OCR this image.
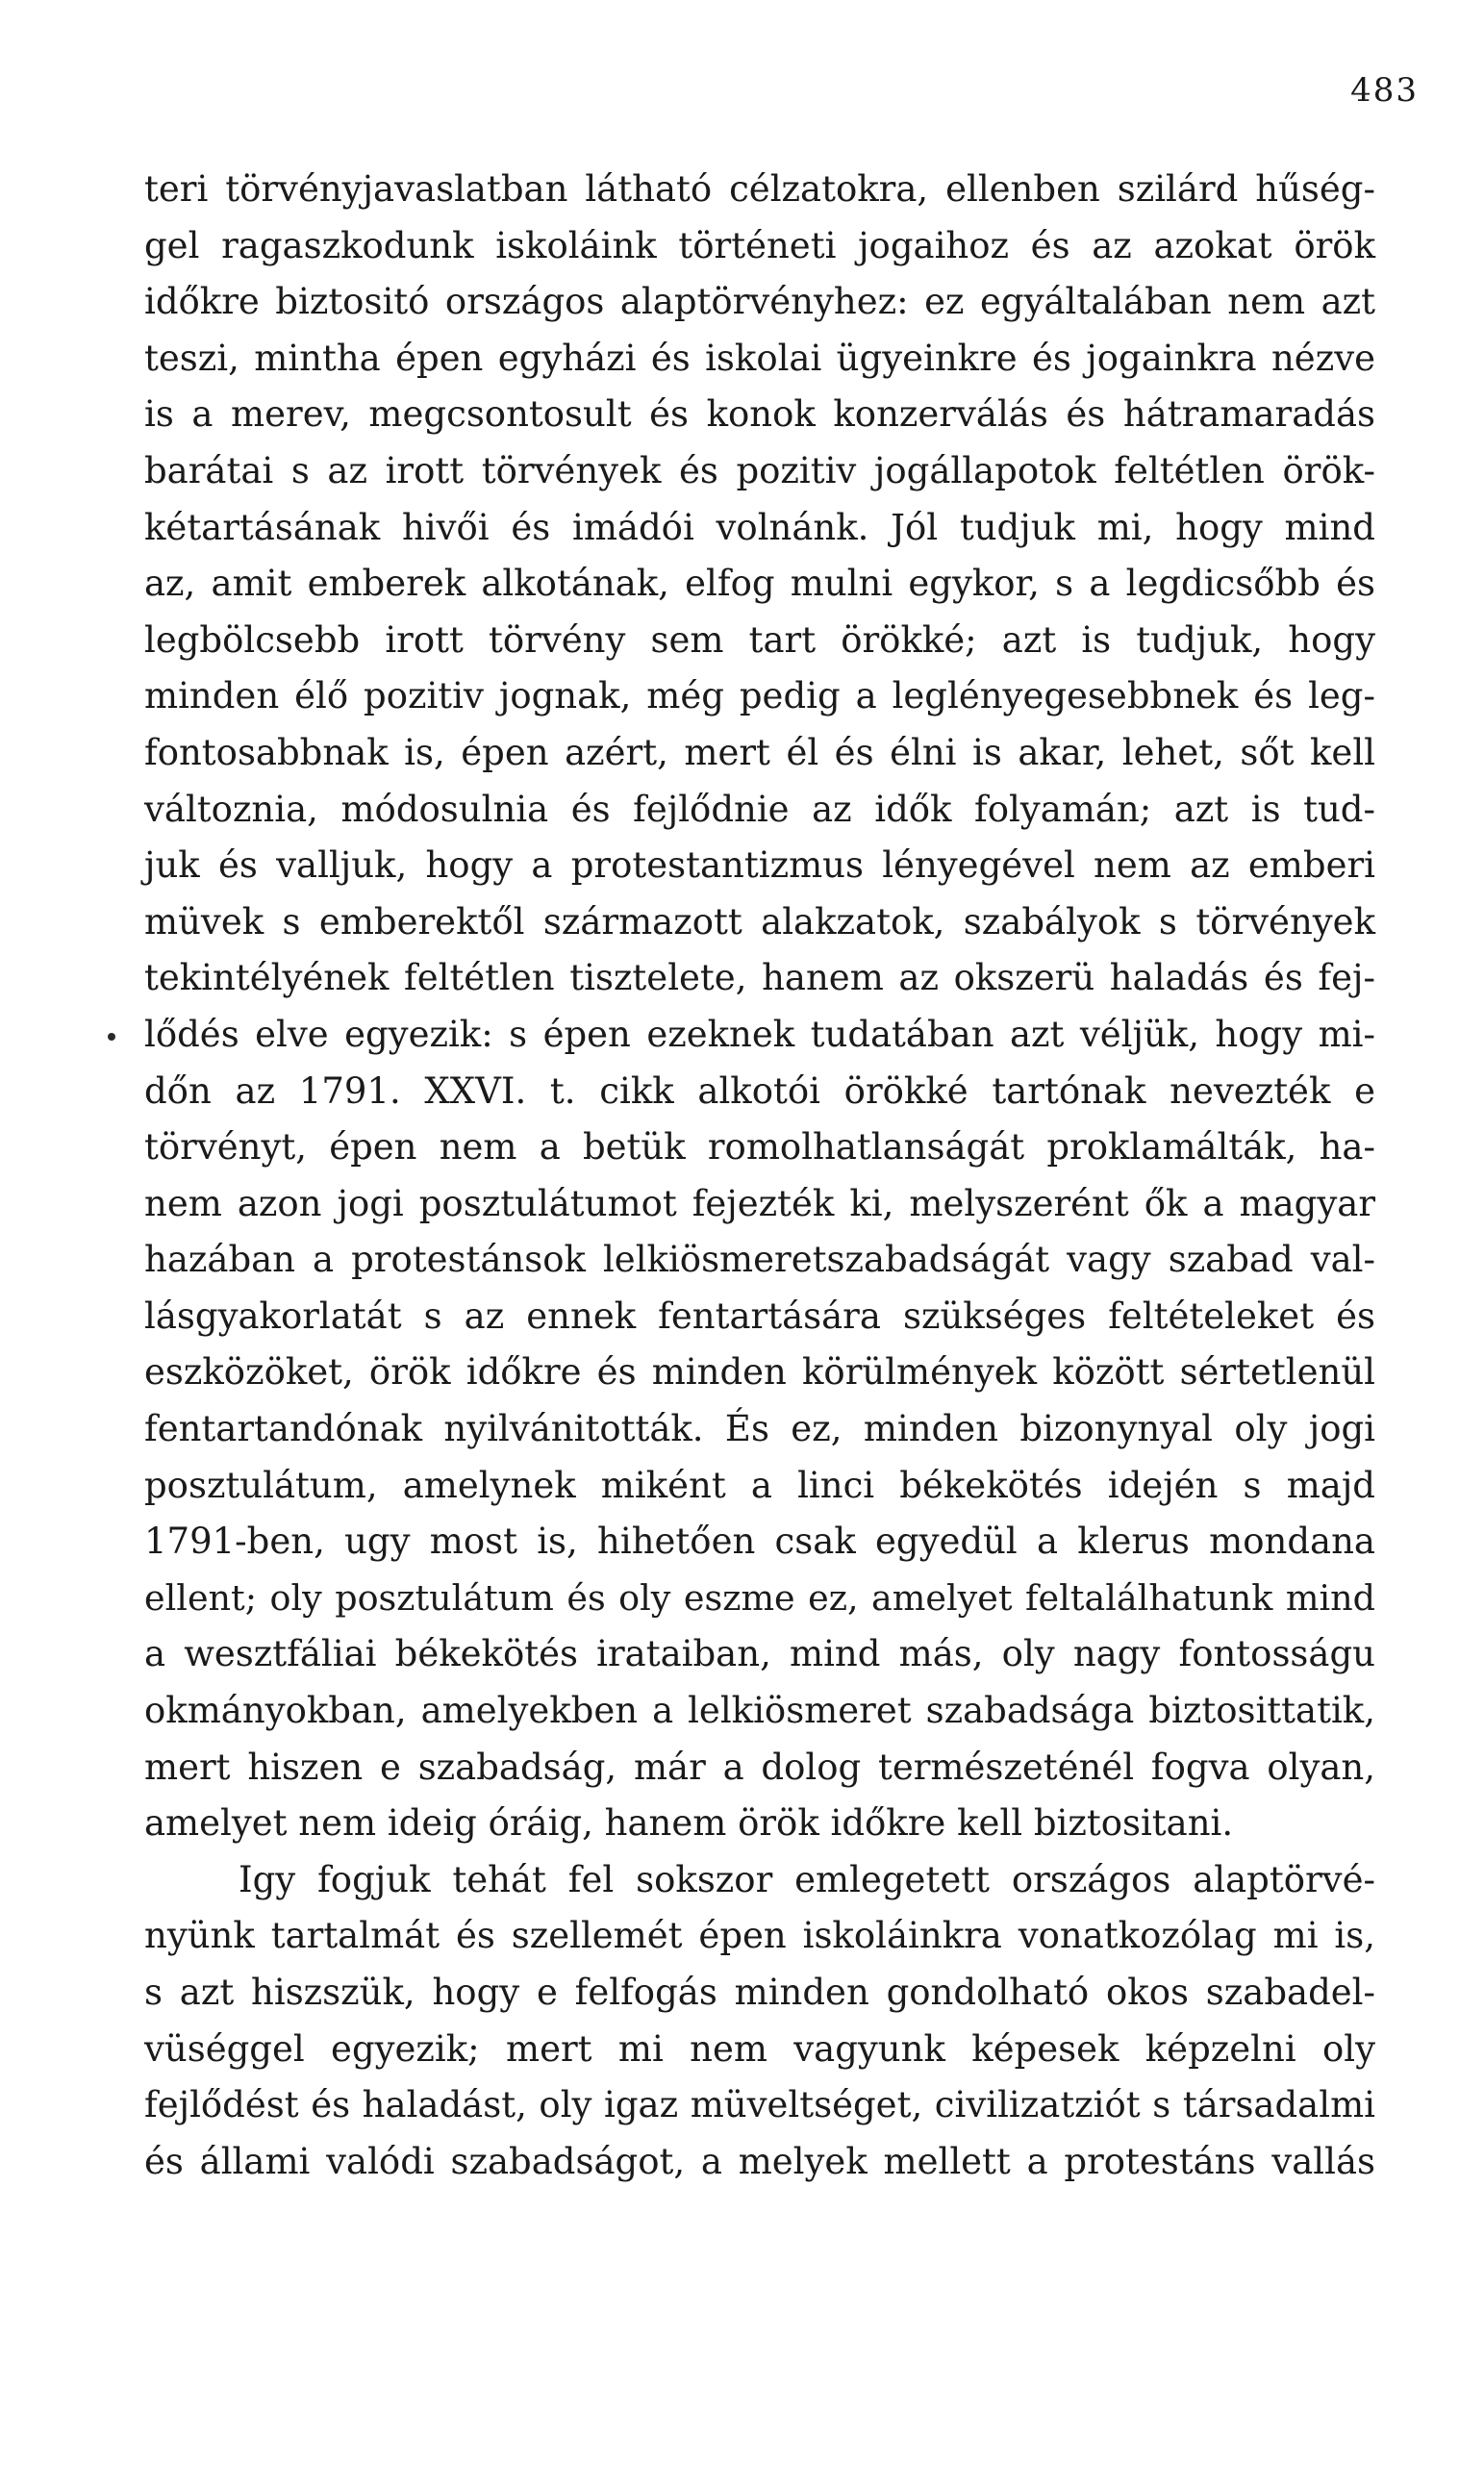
483
teri törvényjavaslatban látható célzatokra, ellenben szilárd hűség-
gel ragaszkodunk iskoláink történeti jogaihoz és az azokat örök
időkre biztositó országos alaptörvényhez: ez egyáltalában nem azt
teszi, mintha épen egyházi és iskolai ügyeinkre és jogainkra nézve
is a merev, megcsontosult és konok konzerválás és hátramaradás
barátai s az irott törvények és pozitiv jogállapotok feltétlen örök-
kétartásának hivői és imádói volnánk. Jól tudjuk mi, hogy mind
az, amit emberek alkotának, elfog mulni egykor, s a legdicsőbb és
legbölcsebb irott törvény sem tart örökké; azt is tudjuk, hogy
minden élő pozitiv jognak, még pedig a leglényegesebbnek és leg-
fontosabbnak is, épen azért, mert él és élni is akar, lehet, sőt kell
változnia, módosulnia és fejlődnie az idők folyamán; azt is tud-
juk és valljuk, hogy a protestantizmus lényegével nem az emberi
müvek s emberektől származott alakzatok, szabályok s törvények
tekintélyének feltétlen tisztelete, hanem az okszerü haladás és fej-
lődés elve egyezik: s épen ezeknek tudatában azt véljük, hogy mi-
dőn az 1791. XXVI. t. cikk alkotói örökké tartónak nevezték e
törvényt, épen nem a betük romolhatlanságát proklamálták, ha-
nem azon jogi posztulátumot fejezték ki, melyszerént ők a magyar
hazában a protestánsok lelkiösmeretszabadságát vagy szabad val-
lásgyakorlatát s az ennek fentartására szükséges feltételeket és
eszközöket, örök időkre és minden körülmények között sértetlenül
fentartandónak nyilvánitották. És ez, minden bizonynyal oly jogi
posztulátum, amelynek miként a linci békekötés idején s majd
1791-ben, ugy most is, hihetően csak egyedül a klerus mondana
ellent; oly posztulátum és oly eszme ez, amelyet feltalálhatunk mind
a wesztfáliai békekötés irataiban, mind más, oly nagy fontosságu
okmányokban, amelyekben a lelkiösmeret szabadsága biztosittatik,
mert hiszen e szabadság, már a dolog természeténél fogva olyan,
amelyet nem ideig óráig, hanem örök időkre kell biztositani.
Igy fogjuk tehát fel sokszor emlegetett országos alaptörvé-
nyünk tartalmát és szellemét épen iskoláinkra vonatkozólag mi is,
s azt hiszszük, hogy e felfogás minden gondolható okos szabadel-
vüséggel egyezik; mert mi nem vagyunk képesek képzelni oly
fejlődést és haladást, oly igaz müveltséget, civilizatziót s társadalmi
és állami valódi szabadságot, a melyek mellett a protestáns vallás
